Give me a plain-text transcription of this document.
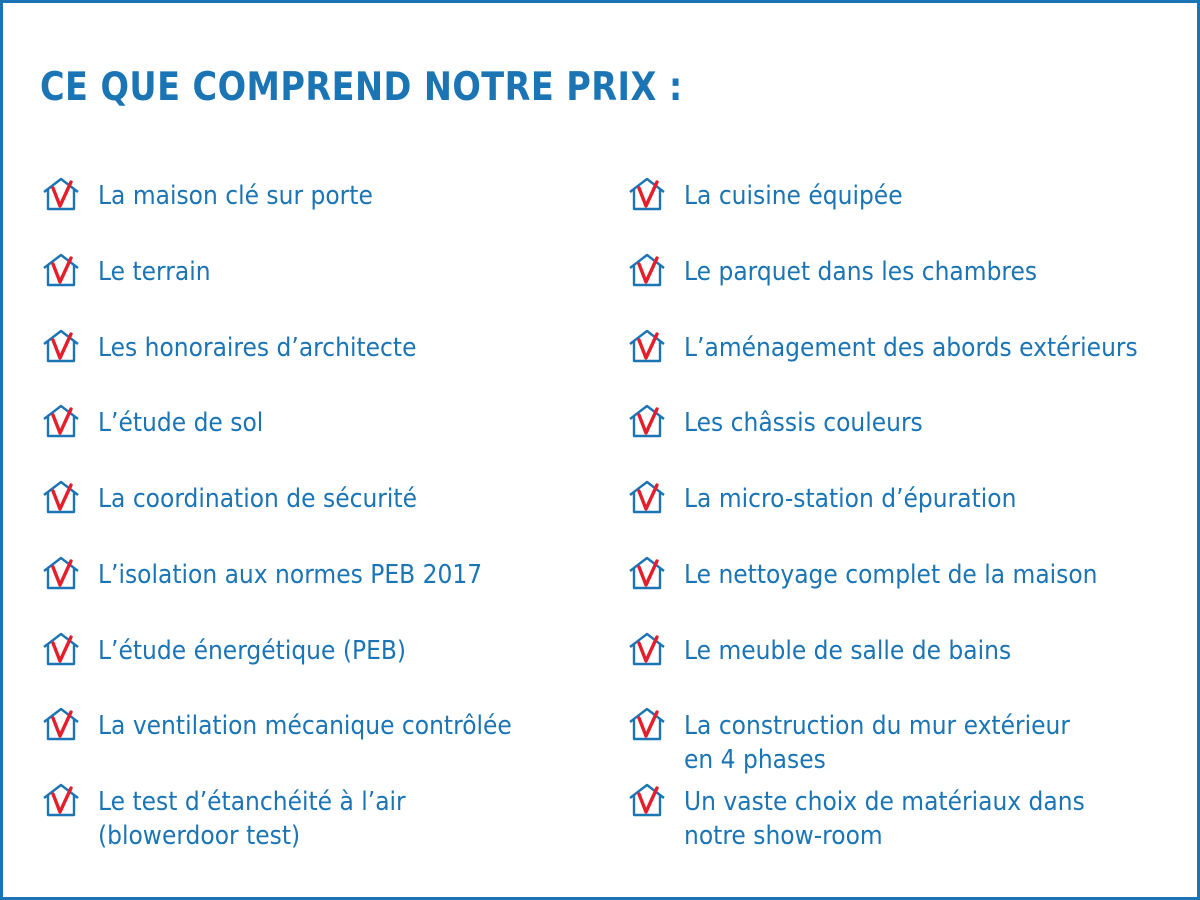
CE QUE COMPREND NOTRE PRIX :
La maison clé sur porte
Le terrain
Les honoraires d’architecte
L’étude de sol
La coordination de sécurité
L’isolation aux normes PEB 2017
L’étude énergétique (PEB)
La ventilation mécanique contrôlée
Le test d’étanchéité à l’air
(blowerdoor test)
La cuisine équipée
Le parquet dans les chambres
L’aménagement des abords extérieurs
Les châssis couleurs
La micro-station d’épuration
Le nettoyage complet de la maison
Le meuble de salle de bains
La construction du mur extérieur
en 4 phases
Un vaste choix de matériaux dans
notre show-room
